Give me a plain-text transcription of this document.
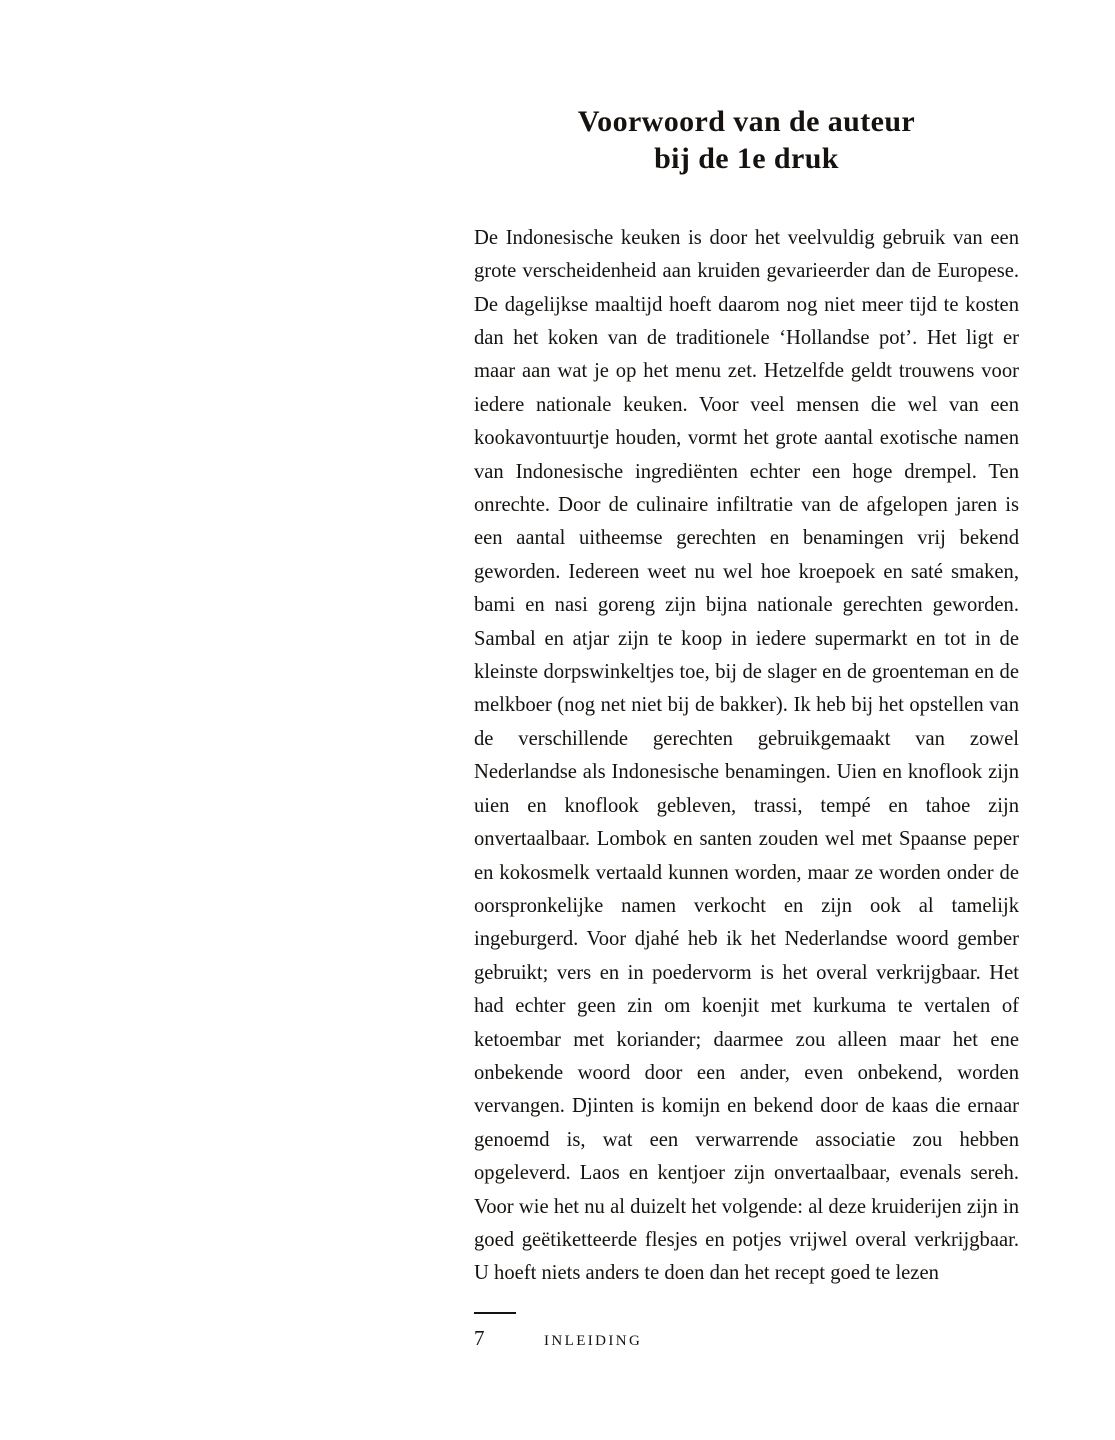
Voorwoord van de auteur
bij de 1e druk

De Indonesische keuken is door het veelvuldig gebruik van een grote verscheidenheid aan kruiden gevarieerder dan de Europese. De dagelijkse maaltijd hoeft daarom nog niet meer tijd te kosten dan het koken van de traditionele ‘Hollandse pot’. Het ligt er maar aan wat je op het menu zet. Hetzelfde geldt trouwens voor iedere nationale keuken. Voor veel mensen die wel van een kookavontuurtje houden, vormt het grote aantal exotische namen van Indonesische ingrediënten echter een hoge drempel. Ten onrechte. Door de culinaire infiltratie van de afgelopen jaren is een aantal uitheemse gerechten en benamingen vrij bekend geworden. Iedereen weet nu wel hoe kroepoek en saté smaken, bami en nasi goreng zijn bijna nationale gerechten geworden. Sambal en atjar zijn te koop in iedere supermarkt en tot in de kleinste dorpswinkeltjes toe, bij de slager en de groenteman en de melkboer (nog net niet bij de bakker). Ik heb bij het opstellen van de verschillende gerechten gebruikgemaakt van zowel Nederlandse als Indonesische benamingen. Uien en knoflook zijn uien en knoflook gebleven, trassi, tempé en tahoe zijn onvertaalbaar. Lombok en santen zouden wel met Spaanse peper en kokosmelk vertaald kunnen worden, maar ze worden onder de oorspronkelijke namen verkocht en zijn ook al tamelijk ingeburgerd. Voor djahé heb ik het Nederlandse woord gember gebruikt; vers en in poedervorm is het overal verkrijgbaar. Het had echter geen zin om koenjit met kurkuma te vertalen of ketoembar met koriander; daarmee zou alleen maar het ene onbekende woord door een ander, even onbekend, worden vervangen. Djinten is komijn en bekend door de kaas die ernaar genoemd is, wat een verwarrende associatie zou hebben opgeleverd. Laos en kentjoer zijn onvertaalbaar, evenals sereh. Voor wie het nu al duizelt het volgende: al deze kruiderijen zijn in goed geëtiketteerde flesjes en potjes vrijwel overal verkrijgbaar. U hoeft niets anders te doen dan het recept goed te lezen

7	INLEIDING
